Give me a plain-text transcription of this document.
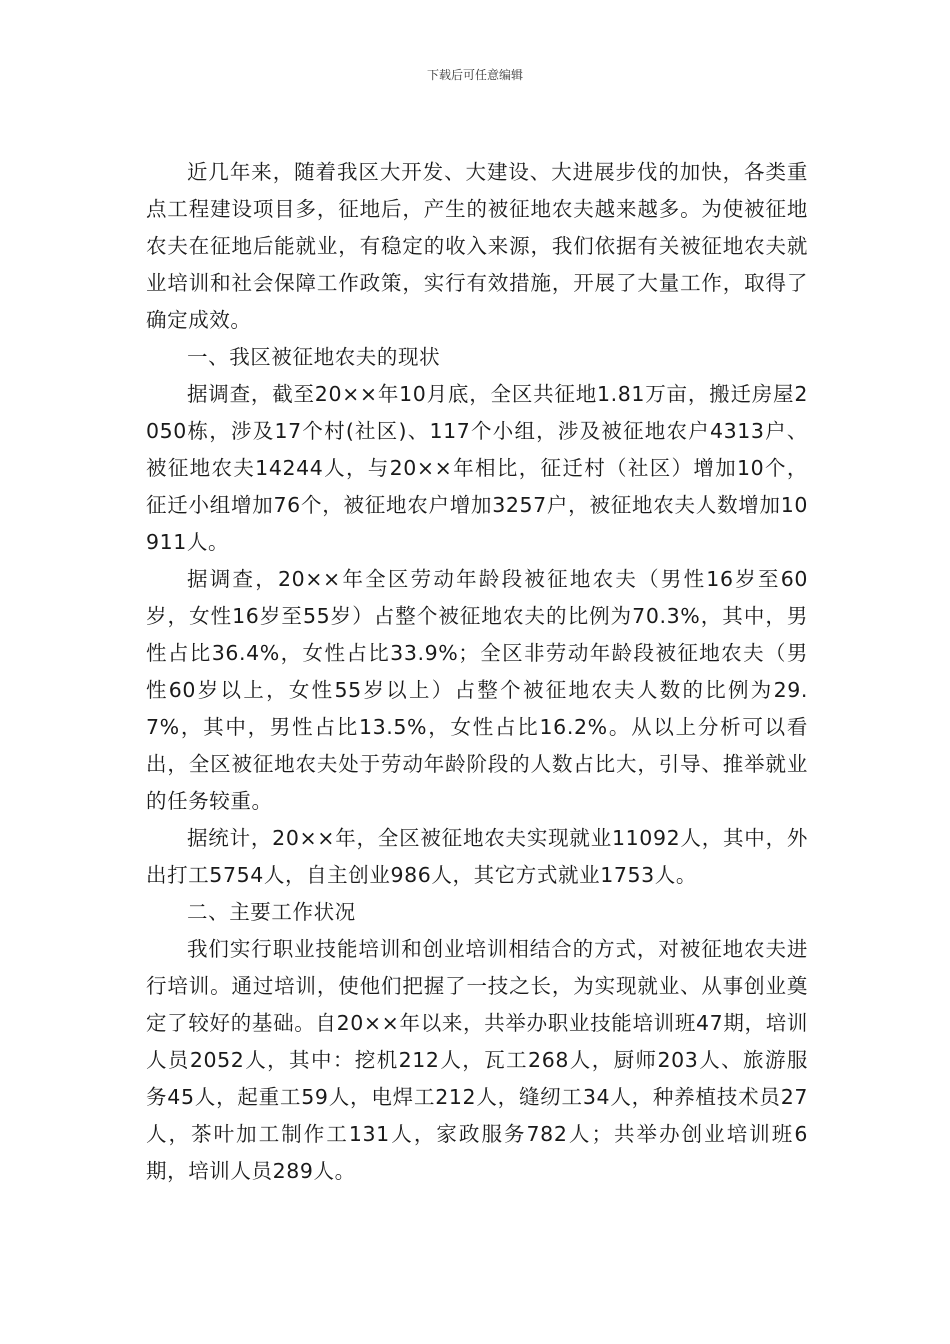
下载后可任意编辑

近几年来，随着我区大开发、大建设、大进展步伐的加快，各类重点工程建设项目多，征地后，产生的被征地农夫越来越多。为使被征地农夫在征地后能就业，有稳定的收入来源，我们依据有关被征地农夫就业培训和社会保障工作政策，实行有效措施，开展了大量工作，取得了确定成效。

一、我区被征地农夫的现状

据调查，截至20××年10月底，全区共征地1.81万亩，搬迁房屋2050栋，涉及17个村(社区)、117个小组，涉及被征地农户4313户、被征地农夫14244人，与20××年相比，征迁村（社区）增加10个，征迁小组增加76个，被征地农户增加3257户，被征地农夫人数增加10911人。

据调查，20××年全区劳动年龄段被征地农夫（男性16岁至60岁，女性16岁至55岁）占整个被征地农夫的比例为70.3%，其中，男性占比36.4%，女性占比33.9%；全区非劳动年龄段被征地农夫（男性60岁以上，女性55岁以上）占整个被征地农夫人数的比例为29.7%，其中，男性占比13.5%，女性占比16.2%。从以上分析可以看出，全区被征地农夫处于劳动年龄阶段的人数占比大，引导、推举就业的任务较重。

据统计，20××年，全区被征地农夫实现就业11092人，其中，外出打工5754人，自主创业986人，其它方式就业1753人。

二、主要工作状况

我们实行职业技能培训和创业培训相结合的方式，对被征地农夫进行培训。通过培训，使他们把握了一技之长，为实现就业、从事创业奠定了较好的基础。自20××年以来，共举办职业技能培训班47期，培训人员2052人，其中：挖机212人，瓦工268人，厨师203人、旅游服务45人，起重工59人，电焊工212人，缝纫工34人，种养植技术员27人，茶叶加工制作工131人，家政服务782人；共举办创业培训班6期，培训人员289人。
